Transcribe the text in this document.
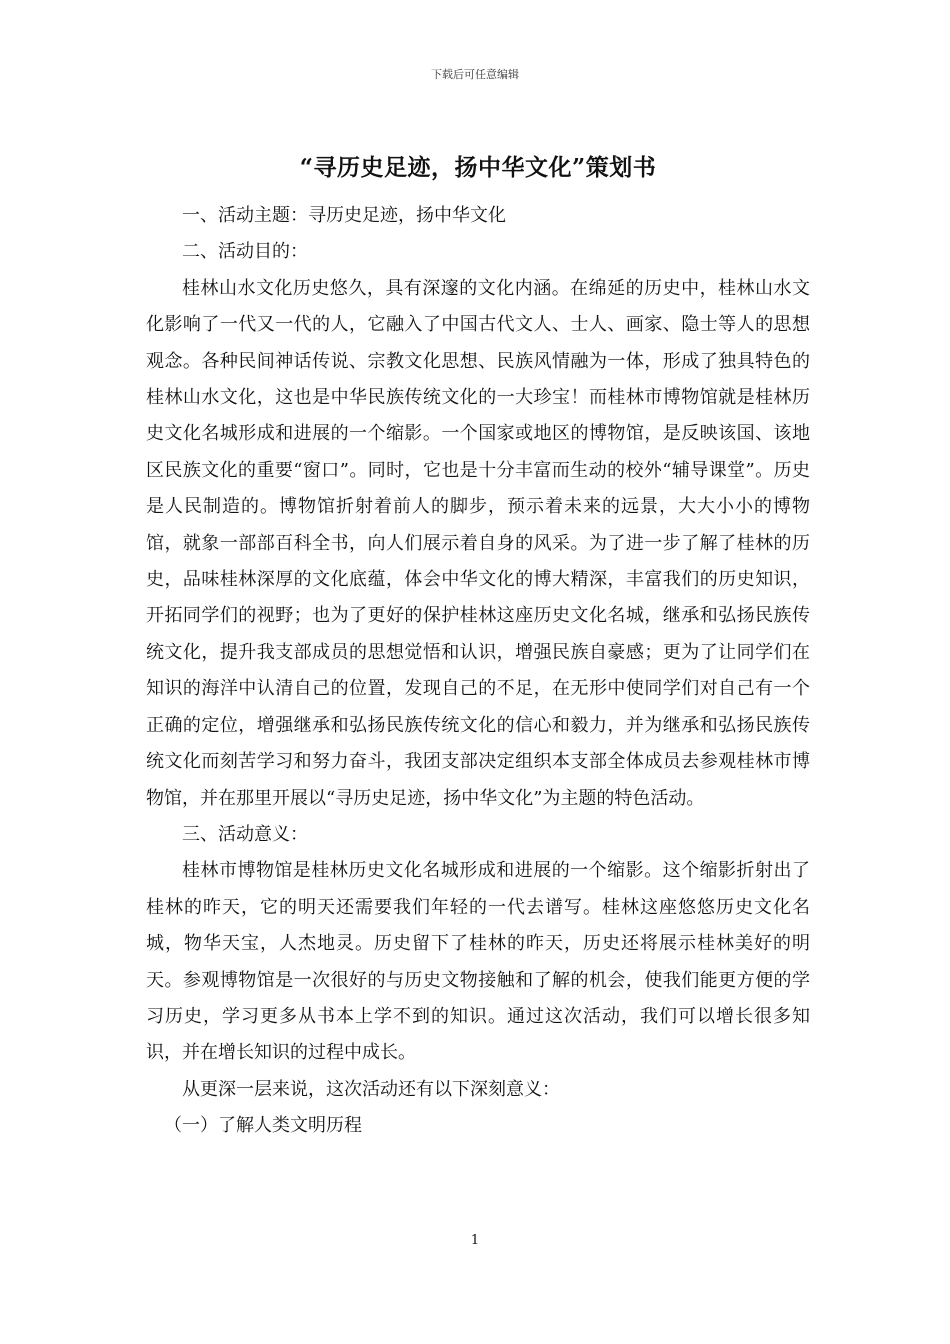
下载后可任意编辑
“寻历史足迹，扬中华文化”策划书

一、活动主题：寻历史足迹，扬中华文化

二、活动目的：

桂林山水文化历史悠久，具有深邃的文化内涵。在绵延的历史中，桂林山水文化影响了一代又一代的人，它融入了中国古代文人、士人、画家、隐士等人的思想观念。各种民间神话传说、宗教文化思想、民族风情融为一体，形成了独具特色的桂林山水文化，这也是中华民族传统文化的一大珍宝！而桂林市博物馆就是桂林历史文化名城形成和进展的一个缩影。一个国家或地区的博物馆，是反映该国、该地区民族文化的重要“窗口”。同时，它也是十分丰富而生动的校外“辅导课堂”。历史是人民制造的。博物馆折射着前人的脚步，预示着未来的远景，大大小小的博物馆，就象一部部百科全书，向人们展示着自身的风采。为了进一步了解了桂林的历史，品味桂林深厚的文化底蕴，体会中华文化的博大精深，丰富我们的历史知识，开拓同学们的视野；也为了更好的保护桂林这座历史文化名城，继承和弘扬民族传统文化，提升我支部成员的思想觉悟和认识，增强民族自豪感；更为了让同学们在知识的海洋中认清自己的位置，发现自己的不足，在无形中使同学们对自己有一个正确的定位，增强继承和弘扬民族传统文化的信心和毅力，并为继承和弘扬民族传统文化而刻苦学习和努力奋斗，我团支部决定组织本支部全体成员去参观桂林市博物馆，并在那里开展以“寻历史足迹，扬中华文化”为主题的特色活动。

三、活动意义：

桂林市博物馆是桂林历史文化名城形成和进展的一个缩影。这个缩影折射出了桂林的昨天，它的明天还需要我们年轻的一代去谱写。桂林这座悠悠历史文化名城，物华天宝，人杰地灵。历史留下了桂林的昨天，历史还将展示桂林美好的明天。参观博物馆是一次很好的与历史文物接触和了解的机会，使我们能更方便的学习历史，学习更多从书本上学不到的知识。通过这次活动，我们可以增长很多知识，并在增长知识的过程中成长。

从更深一层来说，这次活动还有以下深刻意义：

（一）了解人类文明历程

1
